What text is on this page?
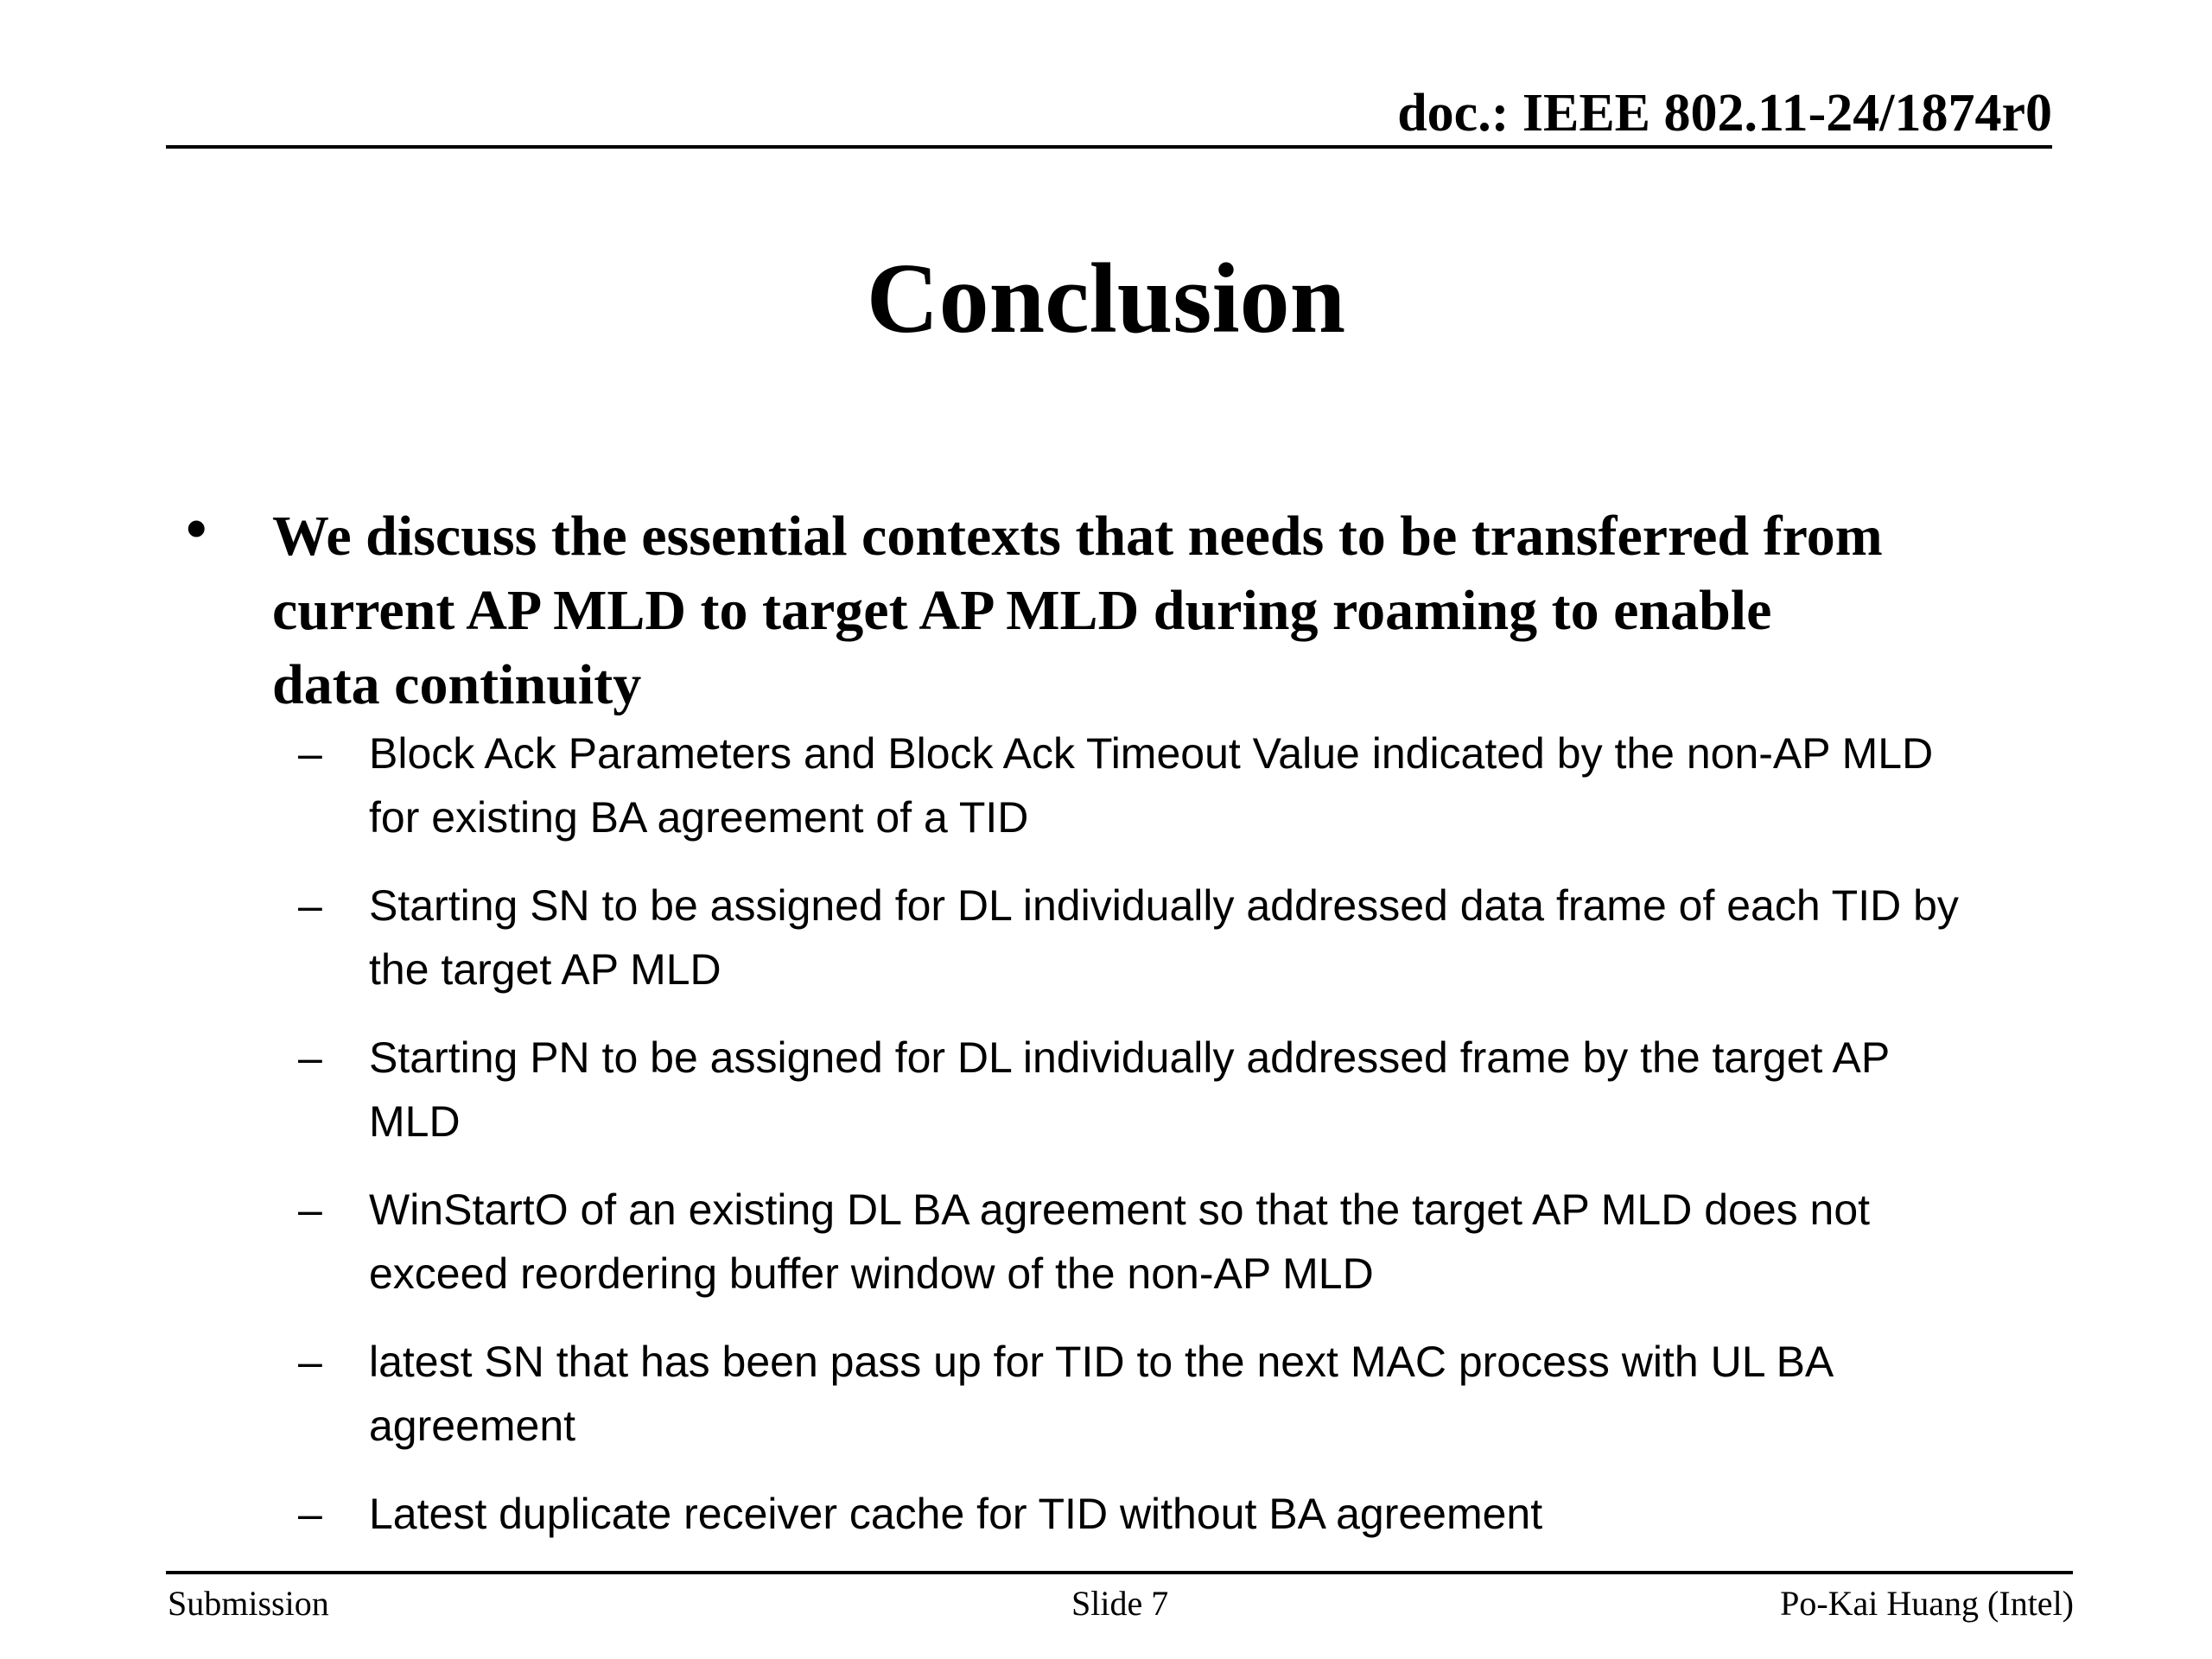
doc.: IEEE 802.11-24/1874r0
Conclusion
• We discuss the essential contexts that needs to be transferred from
current AP MLD to target AP MLD during roaming to enable
data continuity
– Block Ack Parameters and Block Ack Timeout Value indicated by the non-AP MLD
for existing BA agreement of a TID
– Starting SN to be assigned for DL individually addressed data frame of each TID by
the target AP MLD
– Starting PN to be assigned for DL individually addressed frame by the target AP
MLD
– WinStartO of an existing DL BA agreement so that the target AP MLD does not
exceed reordering buffer window of the non-AP MLD
– latest SN that has been pass up for TID to the next MAC process with UL BA
agreement
– Latest duplicate receiver cache for TID without BA agreement
Submission	Slide 7	Po-Kai Huang (Intel)
